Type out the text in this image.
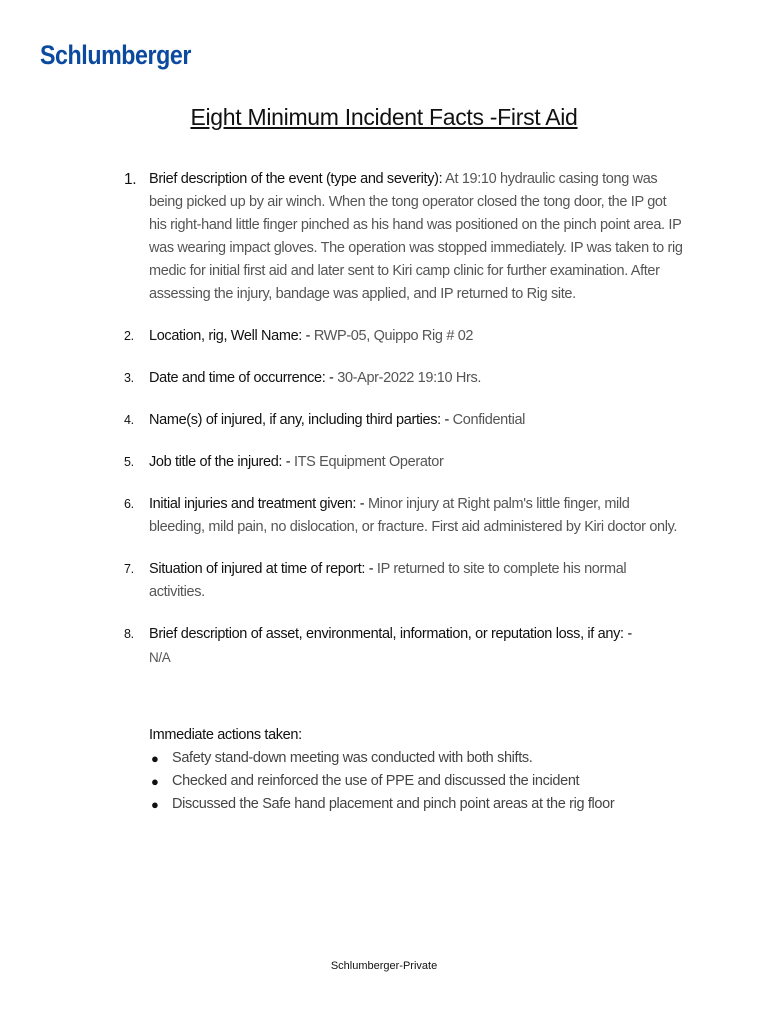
Schlumberger
Eight Minimum Incident Facts -First Aid
1. Brief description of the event (type and severity): At 19:10 hydraulic casing tong was being picked up by air winch. When the tong operator closed the tong door, the IP got his right-hand little finger pinched as his hand was positioned on the pinch point area. IP was wearing impact gloves. The operation was stopped immediately. IP was taken to rig medic for initial first aid and later sent to Kiri camp clinic for further examination. After assessing the injury, bandage was applied, and IP returned to Rig site.
2. Location, rig, Well Name: - RWP-05, Quippo Rig # 02
3. Date and time of occurrence: - 30-Apr-2022 19:10 Hrs.
4. Name(s) of injured, if any, including third parties: - Confidential
5. Job title of the injured: - ITS Equipment Operator
6. Initial injuries and treatment given: - Minor injury at Right palm's little finger, mild bleeding, mild pain, no dislocation, or fracture. First aid administered by Kiri doctor only.
7. Situation of injured at time of report: - IP returned to site to complete his normal activities.
8. Brief description of asset, environmental, information, or reputation loss, if any: -
N/A
Immediate actions taken:
● Safety stand-down meeting was conducted with both shifts.
● Checked and reinforced the use of PPE and discussed the incident
● Discussed the Safe hand placement and pinch point areas at the rig floor
Schlumberger-Private
